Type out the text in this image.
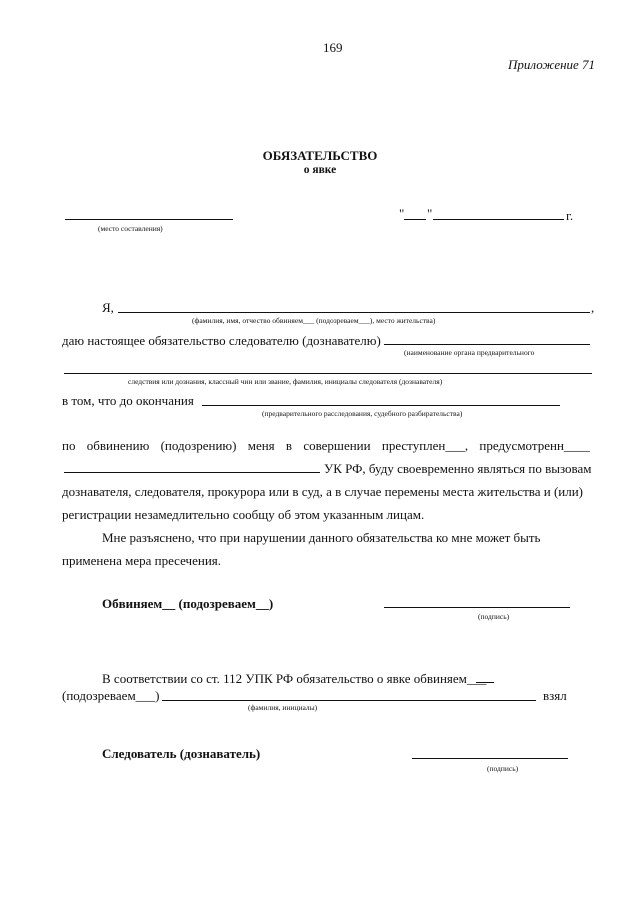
169
Приложение 71
ОБЯЗАТЕЛЬСТВО
о явке
(место составления)
" "	г.
Я,	,
(фамилия, имя, отчество обвиняем___ (подозреваем___), место жительства)
даю настоящее обязательство следователю (дознавателю)
(наименование органа предварительного
следствия или дознания, классный чин или звание, фамилия, инициалы следователя (дознавателя)
в том, что до окончания
(предварительного расследования, судебного разбирательства)
по обвинению (подозрению) меня в совершении преступлен___, предусмотренн____
УК РФ, буду своевременно являться по вызовам
дознавателя, следователя, прокурора или в суд, а в случае перемены места жительства и (или)
регистрации незамедлительно сообщу об этом указанным лицам.
Мне разъяснено, что при нарушении данного обязательства ко мне может быть
применена мера пресечения.
Обвиняем__ (подозреваем__)
(подпись)
В соответствии со ст. 112 УПК РФ обязательство о явке обвиняем___
(подозреваем___)	взял
(фамилия, инициалы)
Следователь (дознаватель)
(подпись)
